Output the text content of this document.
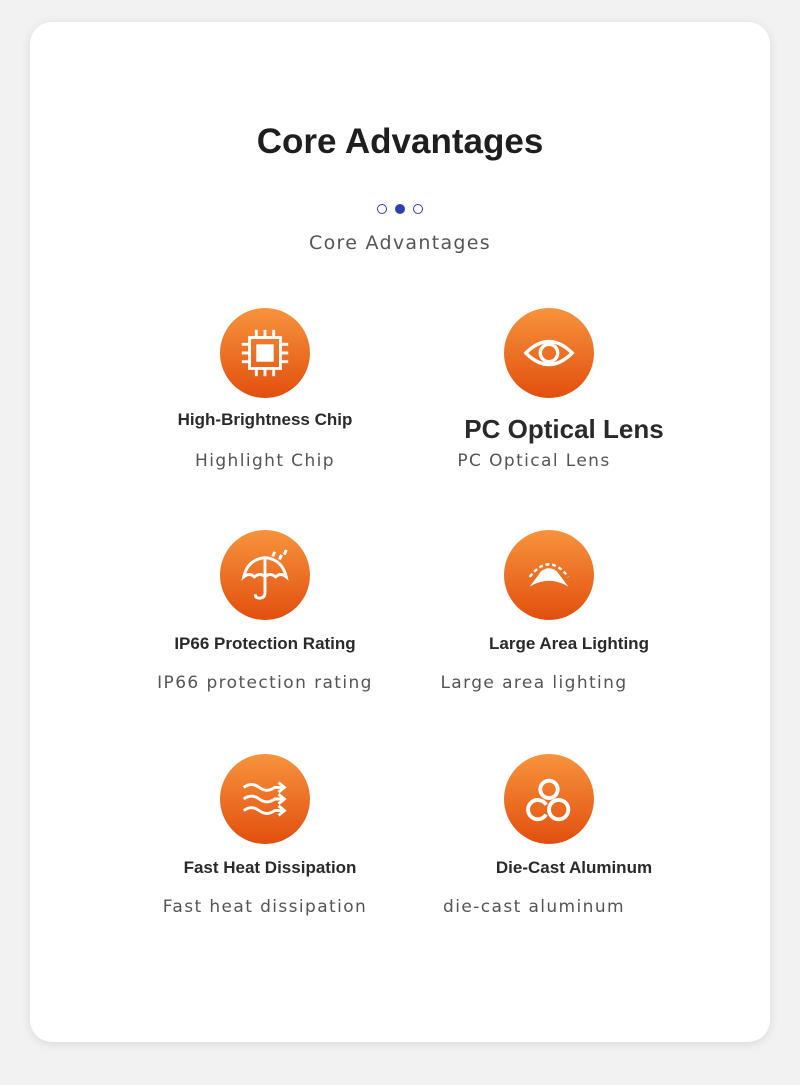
Core Advantages
Core Advantages
High-Brightness Chip
Highlight Chip
PC Optical Lens
PC Optical Lens
IP66 Protection Rating
IP66 protection rating
Large Area Lighting
Large area lighting
Fast Heat Dissipation
Fast heat dissipation
Die-Cast Aluminum
die-cast aluminum
